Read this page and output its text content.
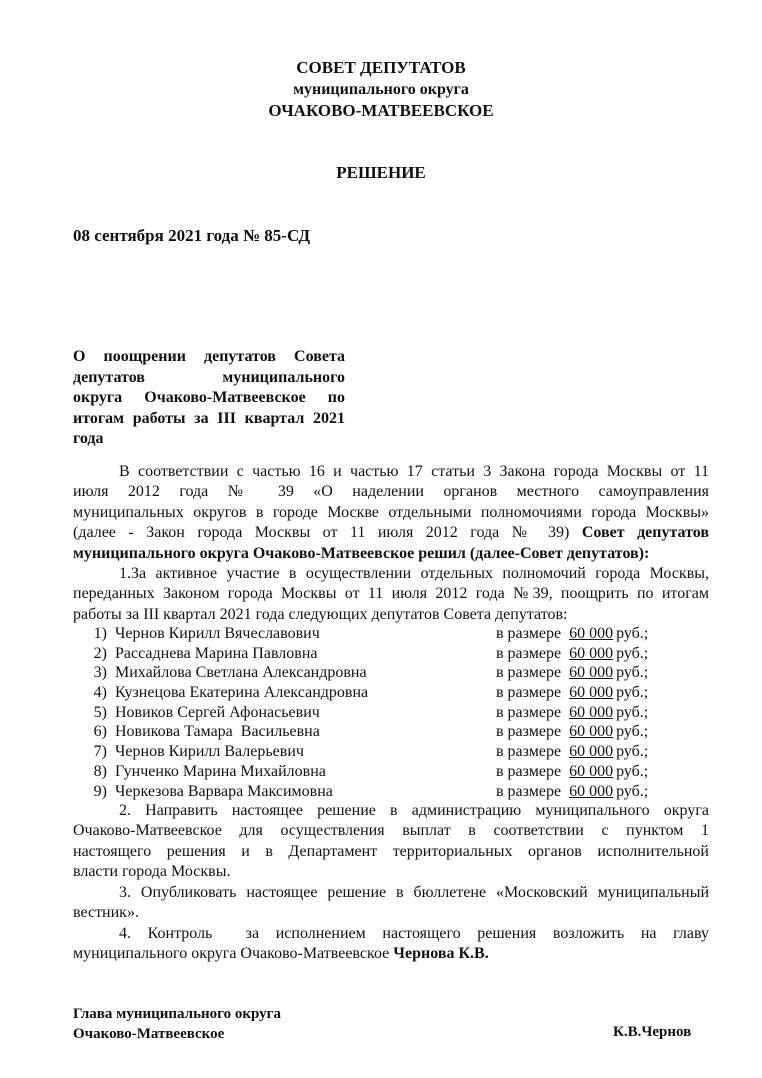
СОВЕТ ДЕПУТАТОВ
муниципального округа
ОЧАКОВО-МАТВЕЕВСКОЕ
РЕШЕНИЕ
08 сентября 2021 года № 85-СД
О поощрении депутатов Совета
депутатов муниципального
округа Очаково-Матвеевское по
итогам работы за III квартал 2021
года
В соответствии с частью 16 и частью 17 статьи 3 Закона города Москвы от 11
июля 2012 года № 39 «О наделении органов местного самоуправления
муниципальных округов в городе Москве отдельными полномочиями города Москвы»
(далее - Закон города Москвы от 11 июля 2012 года № 39) Совет депутатов
муниципального округа Очаково-Матвеевское решил (далее-Совет депутатов):
1.За активное участие в осуществлении отдельных полномочий города Москвы,
переданных Законом города Москвы от 11 июля 2012 года №39, поощрить по итогам
работы за III квартал 2021 года следующих депутатов Совета депутатов:
1) Чернов Кирилл Вячеславович	в размере 60 000 руб.;
2) Рассаднева Марина Павловна	в размере 60 000 руб.;
3) Михайлова Светлана Александровна	в размере 60 000 руб.;
4) Кузнецова Екатерина Александровна	в размере 60 000 руб.;
5) Новиков Сергей Афонасьевич	в размере 60 000 руб.;
6) Новикова Тамара  Васильевна	в размере 60 000 руб.;
7) Чернов Кирилл Валерьевич	в размере 60 000 руб.;
8) Гунченко Марина Михайловна	в размере 60 000 руб.;
9) Черкезова Варвара Максимовна	в размере 60 000 руб.;
2. Направить настоящее решение в администрацию муниципального округа
Очаково-Матвеевское для осуществления выплат в соответствии с пунктом 1
настоящего решения и в Департамент территориальных органов исполнительной
власти города Москвы.
3. Опубликовать настоящее решение в бюллетене «Московский муниципальный
вестник».
4. Контроль  за исполнением настоящего решения возложить на главу
муниципального округа Очаково-Матвеевское Чернова К.В.
Глава муниципального округа
Очаково-Матвеевское	К.В.Чернов
